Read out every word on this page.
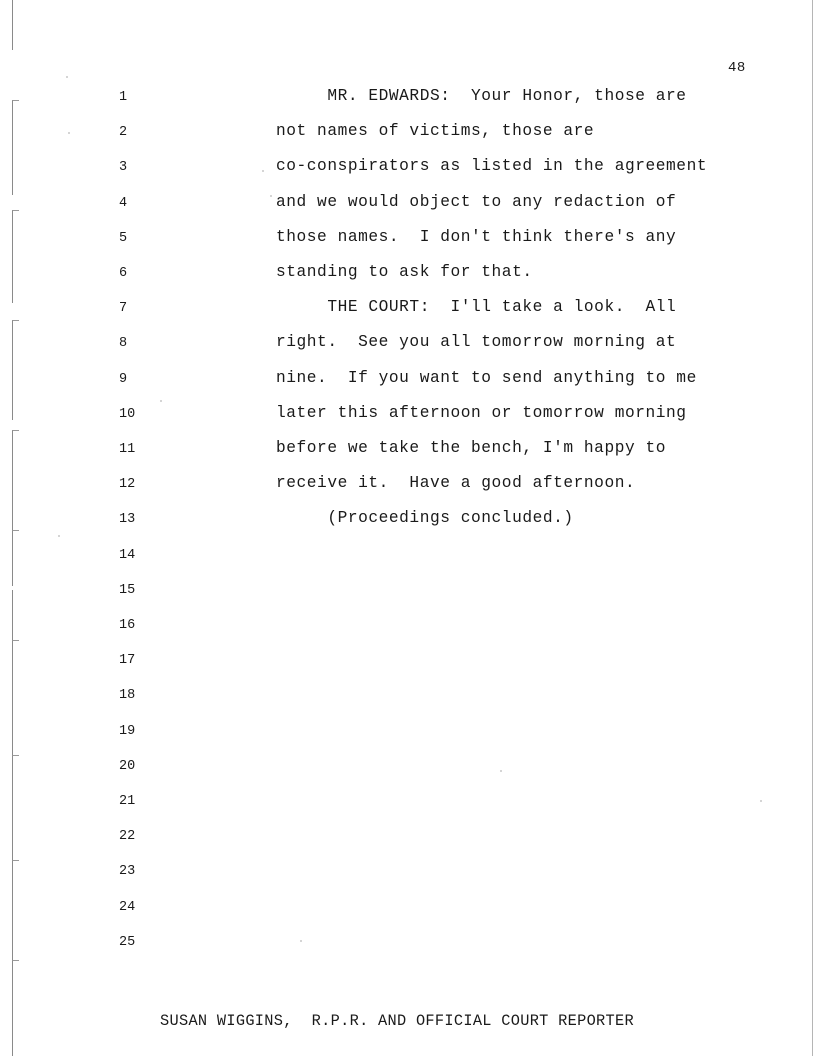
48
1	MR. EDWARDS:  Your Honor, those are
2	not names of victims, those are
3	co-conspirators as listed in the agreement
4	and we would object to any redaction of
5	those names.  I don't think there's any
6	standing to ask for that.
7	THE COURT:  I'll take a look.  All
8	right.  See you all tomorrow morning at
9	nine.  If you want to send anything to me
10	later this afternoon or tomorrow morning
11	before we take the bench, I'm happy to
12	receive it.  Have a good afternoon.
13	(Proceedings concluded.)
14
15
16
17
18
19
20
21
22
23
24
25
SUSAN WIGGINS,  R.P.R. AND OFFICIAL COURT REPORTER
